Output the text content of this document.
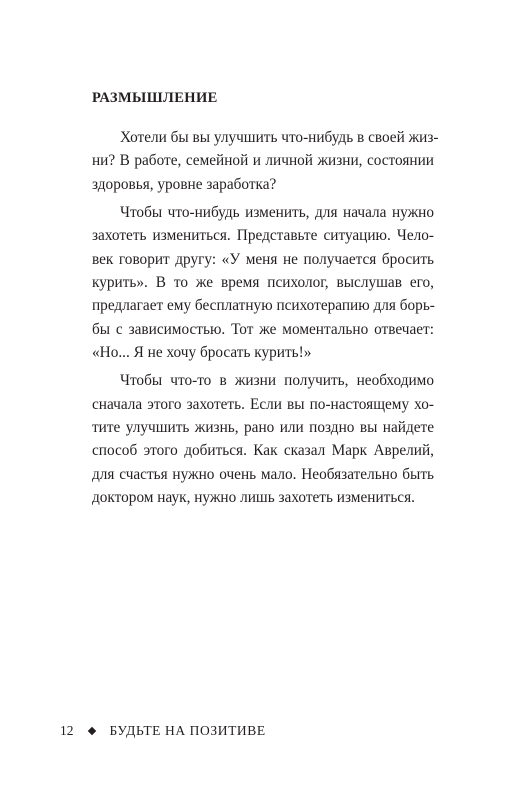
РАЗМЫШЛЕНИЕ

Хотели бы вы улучшить что-нибудь в своей жиз-
ни? В работе, семейной и личной жизни, состоянии
здоровья, уровне заработка?

Чтобы что-нибудь изменить, для начала нужно
захотеть измениться. Представьте ситуацию. Чело-
век говорит другу: «У меня не получается бросить
курить». В то же время психолог, выслушав его,
предлагает ему бесплатную психотерапию для борь-
бы с зависимостью. Тот же моментально отвечает:
«Но... Я не хочу бросать курить!»

Чтобы что-то в жизни получить, необходимо
сначала этого захотеть. Если вы по-настоящему хо-
тите улучшить жизнь, рано или поздно вы найдете
способ этого добиться. Как сказал Марк Аврелий,
для счастья нужно очень мало. Необязательно быть
доктором наук, нужно лишь захотеть измениться.

12	БУДЬТЕ НА ПОЗИТИВЕ
